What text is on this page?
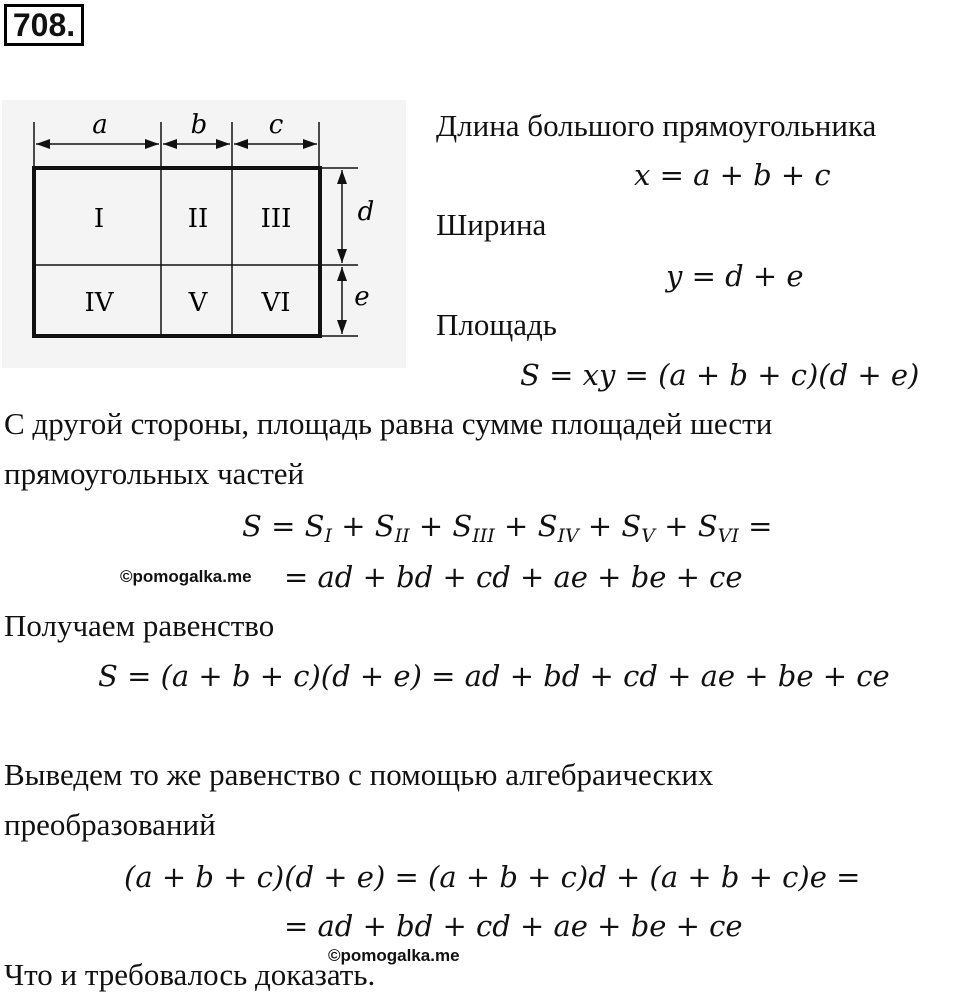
708.
a	b c
d
e
I	II III
IV	V VI
Длина большого прямоугольника
x = a + b + c
Ширина
y = d + e
Площадь
S = xy = (a + b + c)(d + e)
С другой стороны, площадь равна сумме площадей шести
прямоугольных частей
$S = S_I + S_{II} + S_{III} + S_{IV} + S_V + S_{VI}$ =
©pomogalka.me = ad + bd + cd + ae + be + ce
Получаем равенство
S = (a + b + c)(d + e) = ad + bd + cd + ae + be + ce
Выведем то же равенство с помощью алгебраических
преобразований
(a + b + c)(d + e) = (a + b + c)d + (a + b + c)e =
= ad + bd + cd + ae + be + ce
©pomogalka.me
Что и требовалось доказать.
